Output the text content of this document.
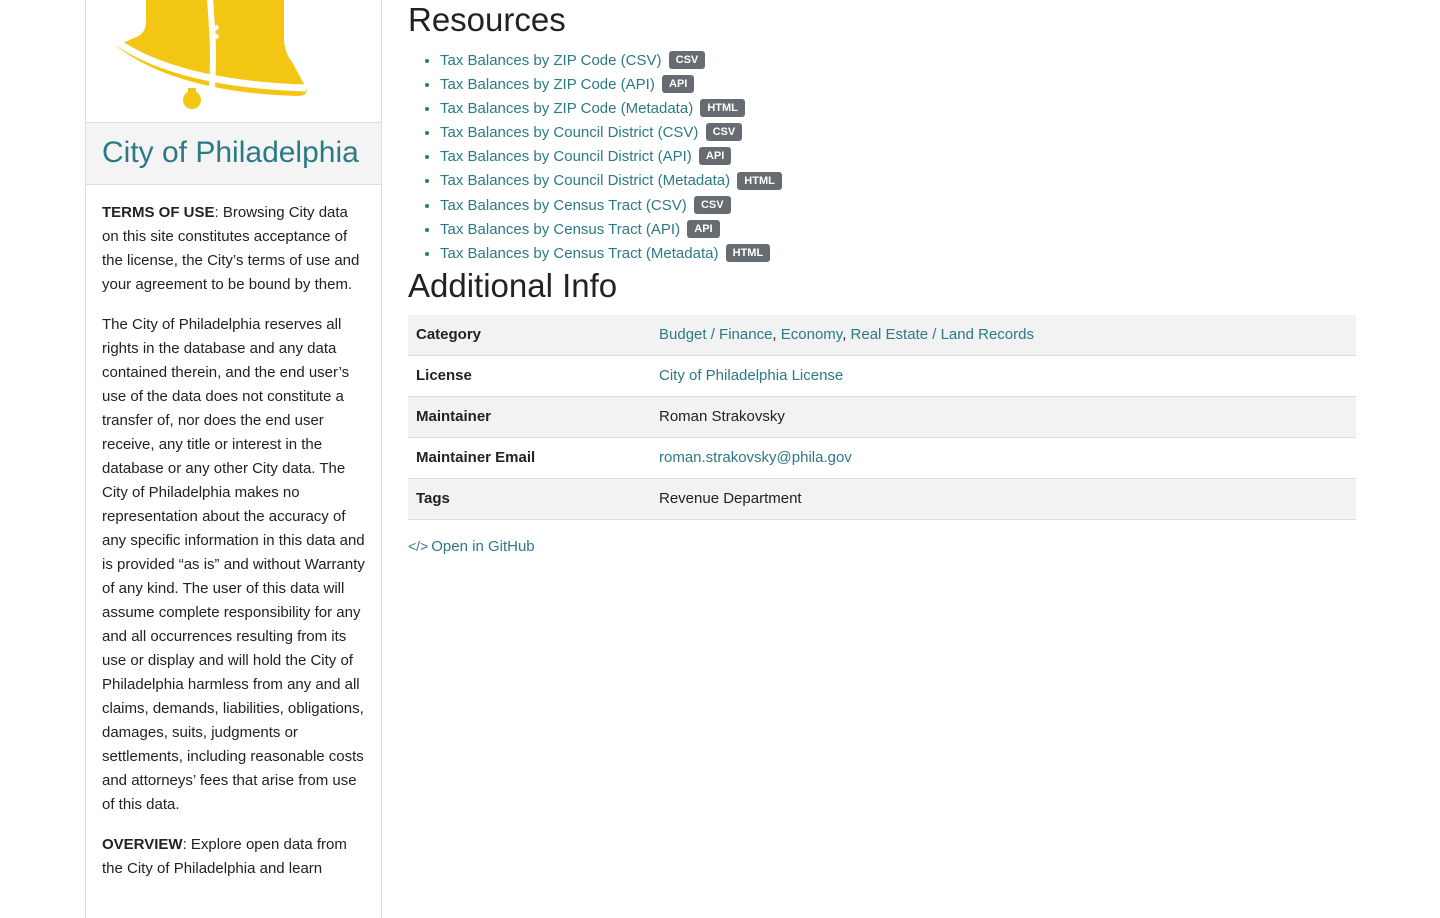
City of Philadelphia

TERMS OF USE: Browsing City data on this site constitutes acceptance of the license, the City’s terms of use and your agreement to be bound by them.

The City of Philadelphia reserves all rights in the database and any data contained therein, and the end user’s use of the data does not constitute a transfer of, nor does the end user receive, any title or interest in the database or any other City data. The City of Philadelphia makes no representation about the accuracy of any specific information in this data and is provided “as is” and without Warranty of any kind. The user of this data will assume complete responsibility for any and all occurrences resulting from its use or display and will hold the City of Philadelphia harmless from any and all claims, demands, liabilities, obligations, damages, suits, judgments or settlements, including reasonable costs and attorneys’ fees that arise from use of this data.

OVERVIEW: Explore open data from the City of Philadelphia and learn

Resources
• Tax Balances by ZIP Code (CSV) CSV
• Tax Balances by ZIP Code (API) API
• Tax Balances by ZIP Code (Metadata) HTML
• Tax Balances by Council District (CSV) CSV
• Tax Balances by Council District (API) API
• Tax Balances by Council District (Metadata) HTML
• Tax Balances by Census Tract (CSV) CSV
• Tax Balances by Census Tract (API) API
• Tax Balances by Census Tract (Metadata) HTML
Additional Info
Category	Budget / Finance, Economy, Real Estate / Land Records
License	City of Philadelphia License
Maintainer	Roman Strakovsky
Maintainer Email	roman.strakovsky@phila.gov
Tags	Revenue Department
</> Open in GitHub
